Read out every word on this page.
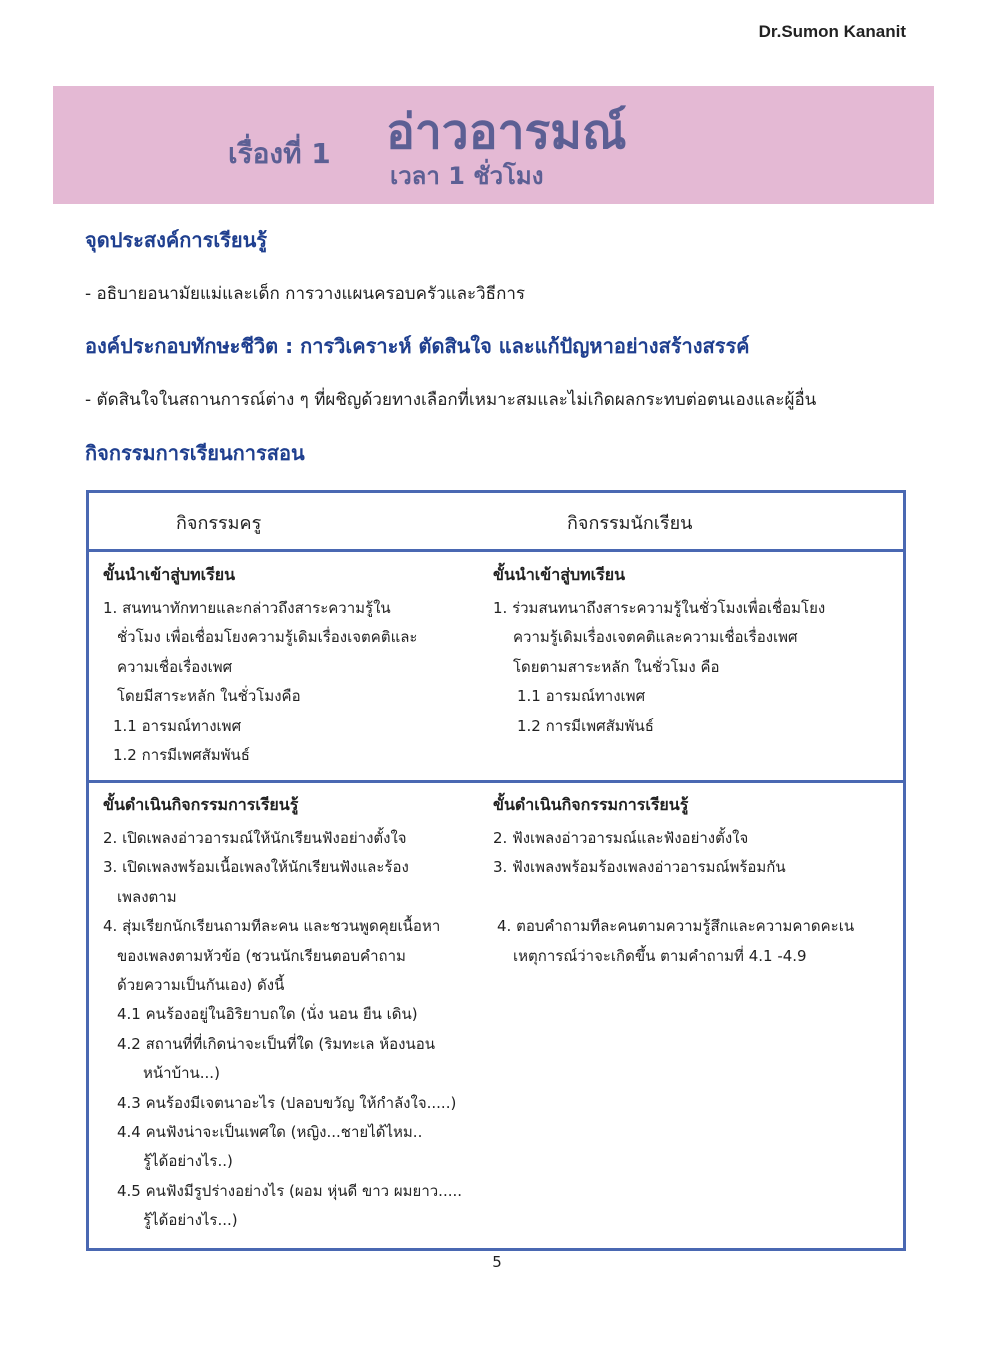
Dr.Sumon Kananit
เรื่องที่ 1 อ่าวอารมณ์
เวลา 1 ชั่วโมง
จุดประสงค์การเรียนรู้
- อธิบายอนามัยแม่และเด็ก การวางแผนครอบครัวและวิธีการ
องค์ประกอบทักษะชีวิต : การวิเคราะห์ ตัดสินใจ และแก้ปัญหาอย่างสร้างสรรค์
- ตัดสินใจในสถานการณ์ต่าง ๆ ที่ผชิญด้วยทางเลือกที่เหมาะสมและไม่เกิดผลกระทบต่อตนเองและผู้อื่น
กิจกรรมการเรียนการสอน
กิจกรรมครู	กิจกรรมนักเรียน
ขั้นนำเข้าสู่บทเรียน
1. สนทนาทักทายและกล่าวถึงสาระความรู้ใน
ชั่วโมง เพื่อเชื่อมโยงความรู้เดิมเรื่องเจตคติและ
ความเชื่อเรื่องเพศ
โดยมีสาระหลัก ในชั่วโมงคือ
1.1 อารมณ์ทางเพศ
1.2 การมีเพศสัมพันธ์
ขั้นนำเข้าสู่บทเรียน
1. ร่วมสนทนาถึงสาระความรู้ในชั่วโมงเพื่อเชื่อมโยง
ความรู้เดิมเรื่องเจตคติและความเชื่อเรื่องเพศ
โดยตามสาระหลัก ในชั่วโมง คือ
1.1 อารมณ์ทางเพศ
1.2 การมีเพศสัมพันธ์
ขั้นดำเนินกิจกรรมการเรียนรู้
2. เปิดเพลงอ่าวอารมณ์ให้นักเรียนฟังอย่างตั้งใจ
3. เปิดเพลงพร้อมเนื้อเพลงให้นักเรียนฟังและร้อง
เพลงตาม
4. สุ่มเรียกนักเรียนถามทีละคน และชวนพูดคุยเนื้อหา
ของเพลงตามหัวข้อ (ชวนนักเรียนตอบคำถาม
ด้วยความเป็นกันเอง) ดังนี้
4.1 คนร้องอยู่ในอิริยาบถใด (นั่ง นอน ยืน เดิน)
4.2 สถานที่ที่เกิดน่าจะเป็นที่ใด (ริมทะเล ห้องนอน
หน้าบ้าน...)
4.3 คนร้องมีเจตนาอะไร (ปลอบขวัญ ให้กำลังใจ.....)
4.4 คนฟังน่าจะเป็นเพศใด (หญิง...ชายได้ไหม..
รู้ได้อย่างไร..)
4.5 คนฟังมีรูปร่างอย่างไร (ผอม หุ่นดี ขาว ผมยาว.....
รู้ได้อย่างไร...)
ขั้นดำเนินกิจกรรมการเรียนรู้
2. ฟังเพลงอ่าวอารมณ์และฟังอย่างตั้งใจ
3. ฟังเพลงพร้อมร้องเพลงอ่าวอารมณ์พร้อมกัน
4. ตอบคำถามทีละคนตามความรู้สึกและความคาดคะเน
เหตุการณ์ว่าจะเกิดขึ้น ตามคำถามที่ 4.1 -4.9
5
